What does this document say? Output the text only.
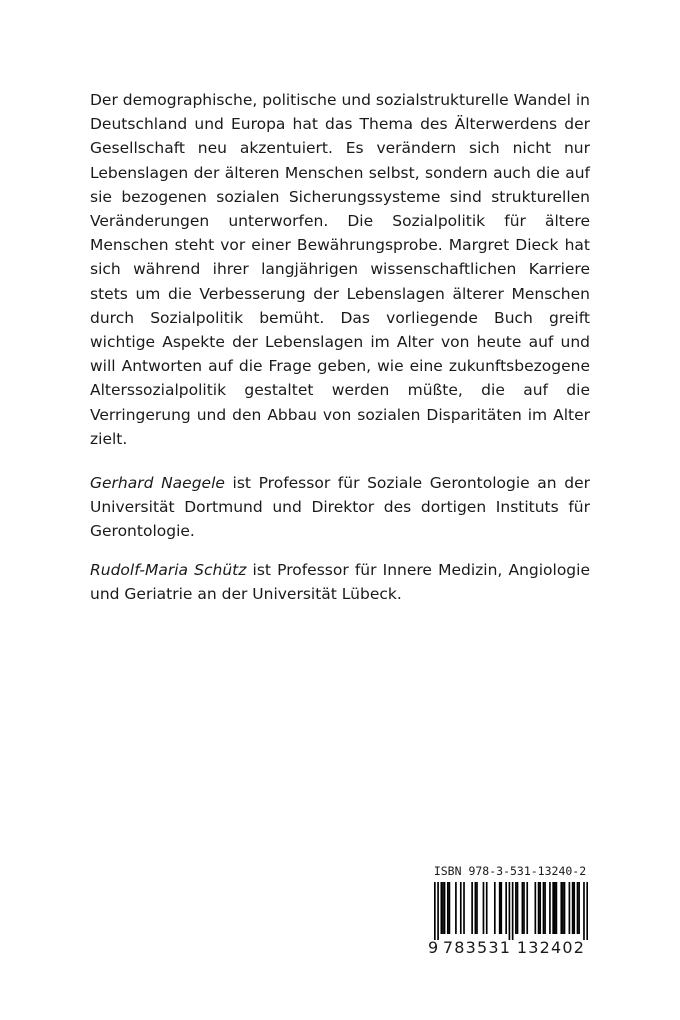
Der demographische, politische und sozialstrukturelle Wandel in Deutschland und Europa hat das Thema des Älterwerdens der Gesellschaft neu akzentuiert. Es verändern sich nicht nur Lebenslagen der älteren Menschen selbst, sondern auch die auf sie bezogenen sozialen Sicherungssysteme sind strukturellen Veränderungen unterworfen. Die Sozialpolitik für ältere Menschen steht vor einer Bewährungsprobe. Margret Dieck hat sich während ihrer langjährigen wissenschaftlichen Karriere stets um die Verbesserung der Lebenslagen älterer Menschen durch Sozialpolitik bemüht. Das vorliegende Buch greift wichtige Aspekte der Lebenslagen im Alter von heute auf und will Antworten auf die Frage geben, wie eine zukunftsbezogene Alterssozialpolitik gestaltet werden müßte, die auf die Verringerung und den Abbau von sozialen Disparitäten im Alter zielt.

Gerhard Naegele ist Professor für Soziale Gerontologie an der Universität Dortmund und Direktor des dortigen Instituts für Gerontologie.

Rudolf-Maria Schütz ist Professor für Innere Medizin, Angiologie und Geriatrie an der Universität Lübeck.

ISBN 978-3-531-13240-2
9 783531 132402
